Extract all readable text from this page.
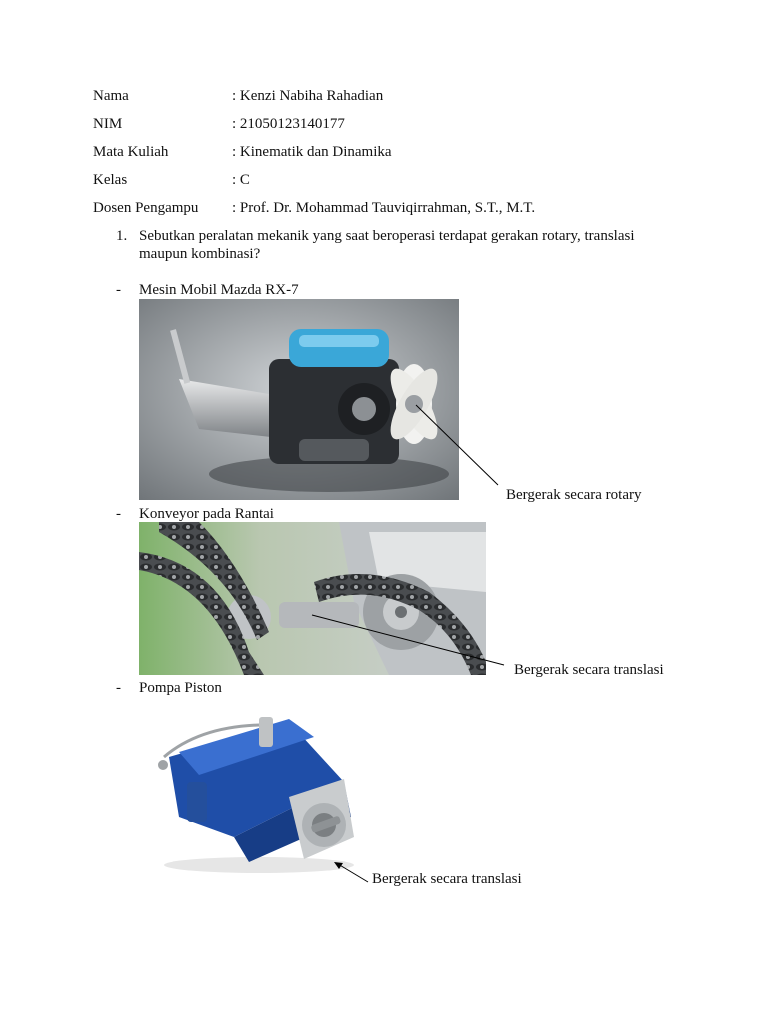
Nama	: Kenzi Nabiha Rahadian
NIM	: 21050123140177
Mata Kuliah	: Kinematik dan Dinamika
Kelas	: C
Dosen Pengampu : Prof. Dr. Mohammad Tauviqirrahman, S.T., M.T.
1. Sebutkan peralatan mekanik yang saat beroperasi terdapat gerakan rotary, translasi maupun kombinasi?
- Mesin Mobil Mazda RX-7
Bergerak secara rotary
- Konveyor pada Rantai
Bergerak secara translasi
- Pompa Piston
Bergerak secara translasi
